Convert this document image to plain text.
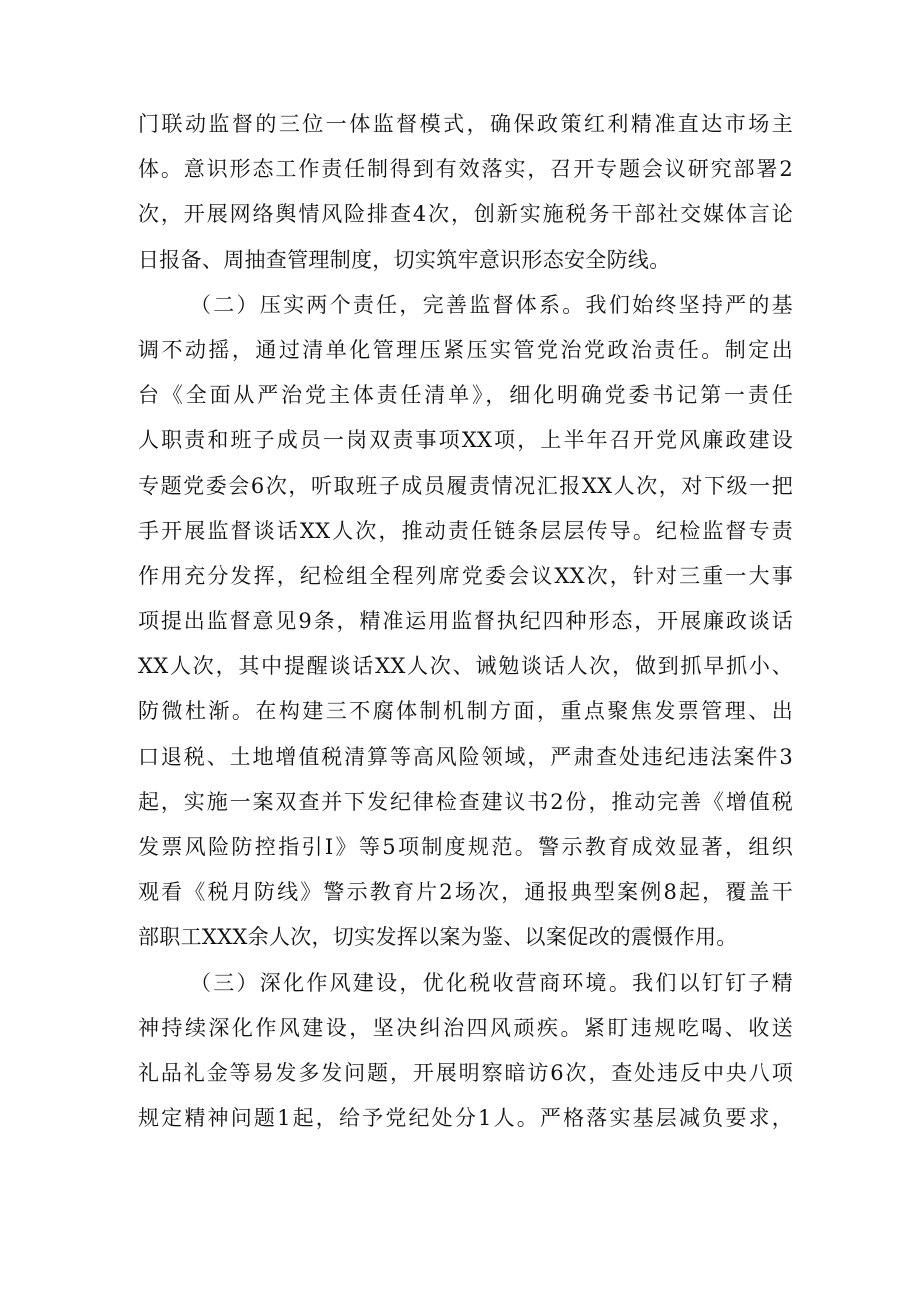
门联动监督的三位一体监督模式，确保政策红利精准直达市场主
体。意识形态工作责任制得到有效落实，召开专题会议研究部署2
次，开展网络舆情风险排查4次，创新实施税务干部社交媒体言论
日报备、周抽查管理制度，切实筑牢意识形态安全防线。
（二）压实两个责任，完善监督体系。我们始终坚持严的基
调不动摇，通过清单化管理压紧压实管党治党政治责任。制定出
台《全面从严治党主体责任清单》，细化明确党委书记第一责任
人职责和班子成员一岗双责事项XX项，上半年召开党风廉政建设
专题党委会6次，听取班子成员履责情况汇报XX人次，对下级一把
手开展监督谈话XX人次，推动责任链条层层传导。纪检监督专责
作用充分发挥，纪检组全程列席党委会议XX次，针对三重一大事
项提出监督意见9条，精准运用监督执纪四种形态，开展廉政谈话
XX人次，其中提醒谈话XX人次、诫勉谈话人次，做到抓早抓小、
防微杜渐。在构建三不腐体制机制方面，重点聚焦发票管理、出
口退税、土地增值税清算等高风险领域，严肃查处违纪违法案件3
起，实施一案双查并下发纪律检查建议书2份，推动完善《增值税
发票风险防控指引I》等5项制度规范。警示教育成效显著，组织
观看《税月防线》警示教育片2场次，通报典型案例8起，覆盖干
部职工XXX余人次，切实发挥以案为鉴、以案促改的震慑作用。
（三）深化作风建设，优化税收营商环境。我们以钉钉子精
神持续深化作风建设，坚决纠治四风顽疾。紧盯违规吃喝、收送
礼品礼金等易发多发问题，开展明察暗访6次，查处违反中央八项
规定精神问题1起，给予党纪处分1人。严格落实基层减负要求，
